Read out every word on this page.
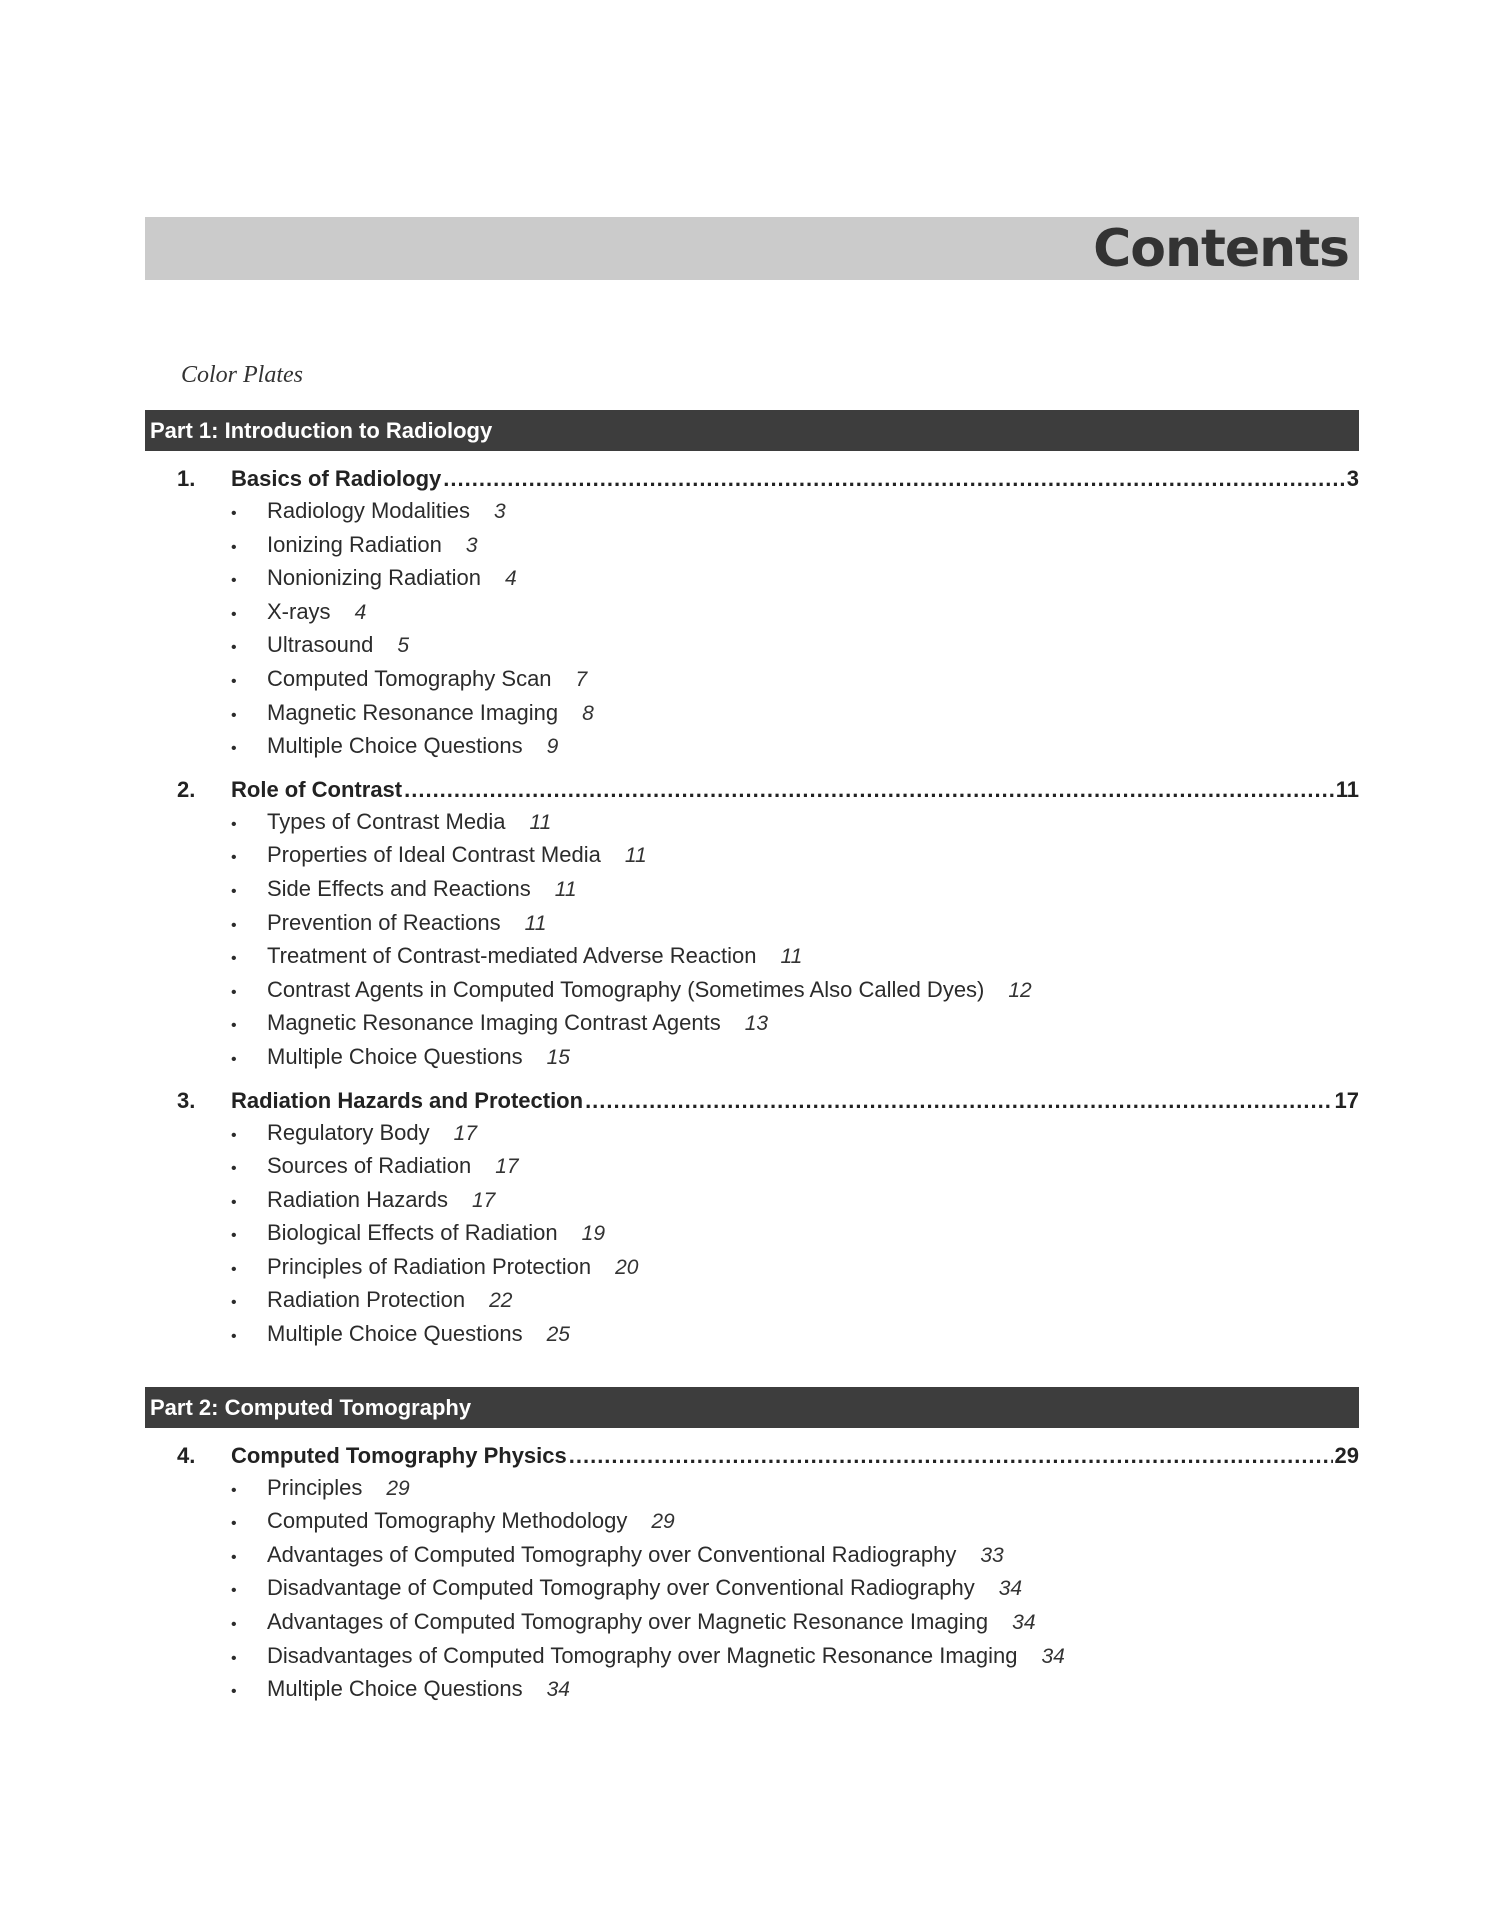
Contents
Color Plates
Part 1: Introduction to Radiology
1.	Basics of Radiology .....	3
•	Radiology Modalities 3
•	Ionizing Radiation 3
•	Nonionizing Radiation 4
•	X-rays 4
•	Ultrasound 5
•	Computed Tomography Scan 7
•	Magnetic Resonance Imaging 8
•	Multiple Choice Questions 9
2.	Role of Contrast .....	11
•	Types of Contrast Media 11
•	Properties of Ideal Contrast Media 11
•	Side Effects and Reactions 11
•	Prevention of Reactions 11
•	Treatment of Contrast-mediated Adverse Reaction 11
•	Contrast Agents in Computed Tomography (Sometimes Also Called Dyes) 12
•	Magnetic Resonance Imaging Contrast Agents 13
•	Multiple Choice Questions 15
3.	Radiation Hazards and Protection .....	17
•	Regulatory Body 17
•	Sources of Radiation 17
•	Radiation Hazards 17
•	Biological Effects of Radiation 19
•	Principles of Radiation Protection 20
•	Radiation Protection 22
•	Multiple Choice Questions 25
Part 2: Computed Tomography
4.	Computed Tomography Physics .....	29
•	Principles 29
•	Computed Tomography Methodology 29
•	Advantages of Computed Tomography over Conventional Radiography 33
•	Disadvantage of Computed Tomography over Conventional Radiography 34
•	Advantages of Computed Tomography over Magnetic Resonance Imaging 34
•	Disadvantages of Computed Tomography over Magnetic Resonance Imaging 34
•	Multiple Choice Questions 34
